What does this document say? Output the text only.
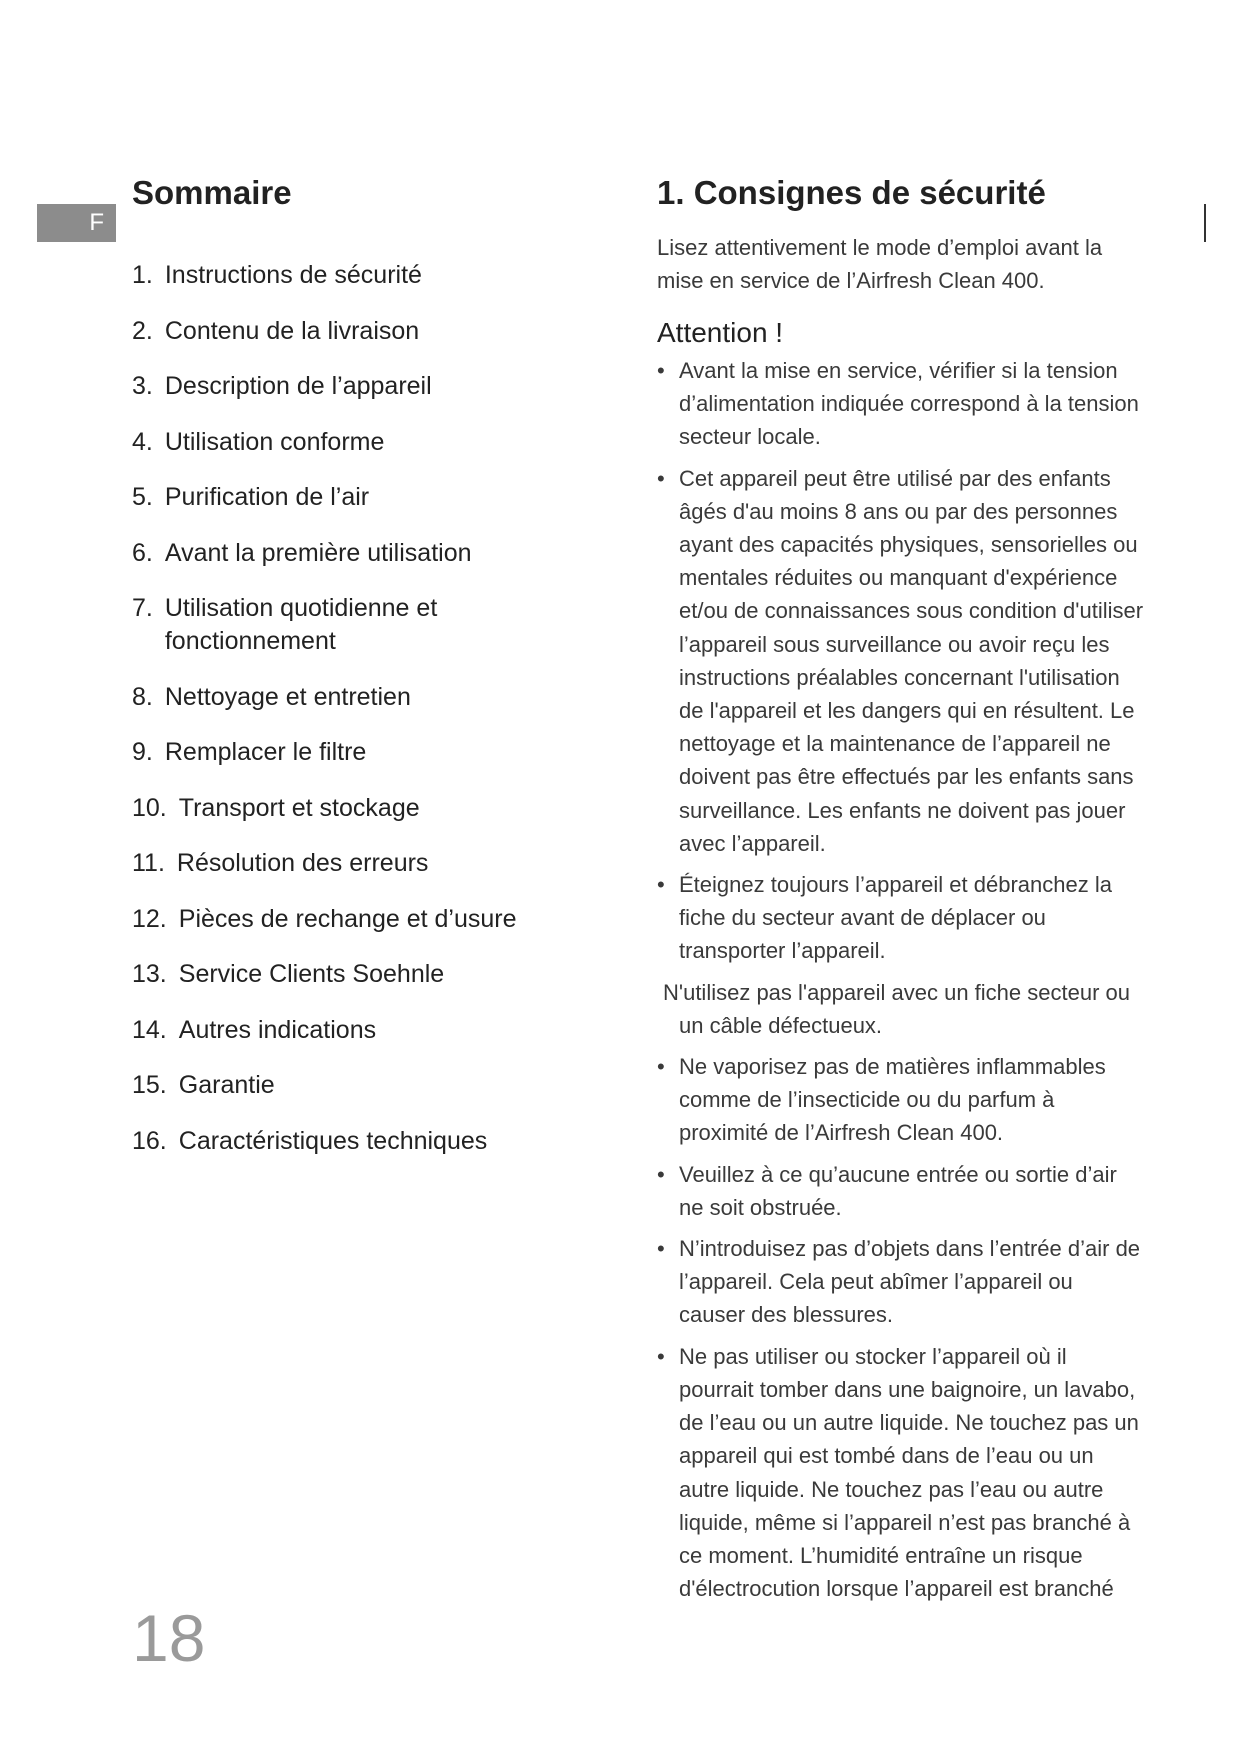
F
Sommaire
1. Instructions de sécurité
2. Contenu de la livraison
3. Description de l’appareil
4. Utilisation conforme
5. Purification de l’air
6. Avant la première utilisation
7. Utilisation quotidienne et fonctionnement
8. Nettoyage et entretien
9. Remplacer le filtre
10. Transport et stockage
11. Résolution des erreurs
12. Pièces de rechange et d’usure
13. Service Clients Soehnle
14. Autres indications
15. Garantie
16. Caractéristiques techniques
18
1. Consignes de sécurité

Lisez attentivement le mode d’emploi avant la mise en service de l’Airfresh Clean 400.

Attention !
• Avant la mise en service, vérifier si la tension d’alimentation indiquée correspond à la tension secteur locale.
• Cet appareil peut être utilisé par des enfants âgés d'au moins 8 ans ou par des personnes ayant des capacités physiques, sensorielles ou mentales réduites ou manquant d'expérience et/ou de connaissances sous condition d'utiliser l’appareil sous surveillance ou avoir reçu les instructions préalables concernant l'utilisation de l'appareil et les dangers qui en résultent. Le nettoyage et la maintenance de l’appareil ne doivent pas être effectués par les enfants sans surveillance. Les enfants ne doivent pas jouer avec l’appareil.
• Éteignez toujours l’appareil et débranchez la fiche du secteur avant de déplacer ou transporter l’appareil.
N'utilisez pas l'appareil avec un fiche secteur ou un câble défectueux.
• Ne vaporisez pas de matières inflammables comme de l’insecticide ou du parfum à proximité de l’Airfresh Clean 400.
• Veuillez à ce qu’aucune entrée ou sortie d’air ne soit obstruée.
• N’introduisez pas d’objets dans l’entrée d’air de l’appareil. Cela peut abîmer l’appareil ou causer des blessures.
• Ne pas utiliser ou stocker l’appareil où il pourrait tomber dans une baignoire, un lavabo, de l’eau ou un autre liquide. Ne touchez pas un appareil qui est tombé dans de l’eau ou un autre liquide. Ne touchez pas l’eau ou autre liquide, même si l’appareil n’est pas branché à ce moment. L’humidité entraîne un risque d'électrocution lorsque l’appareil est branché
